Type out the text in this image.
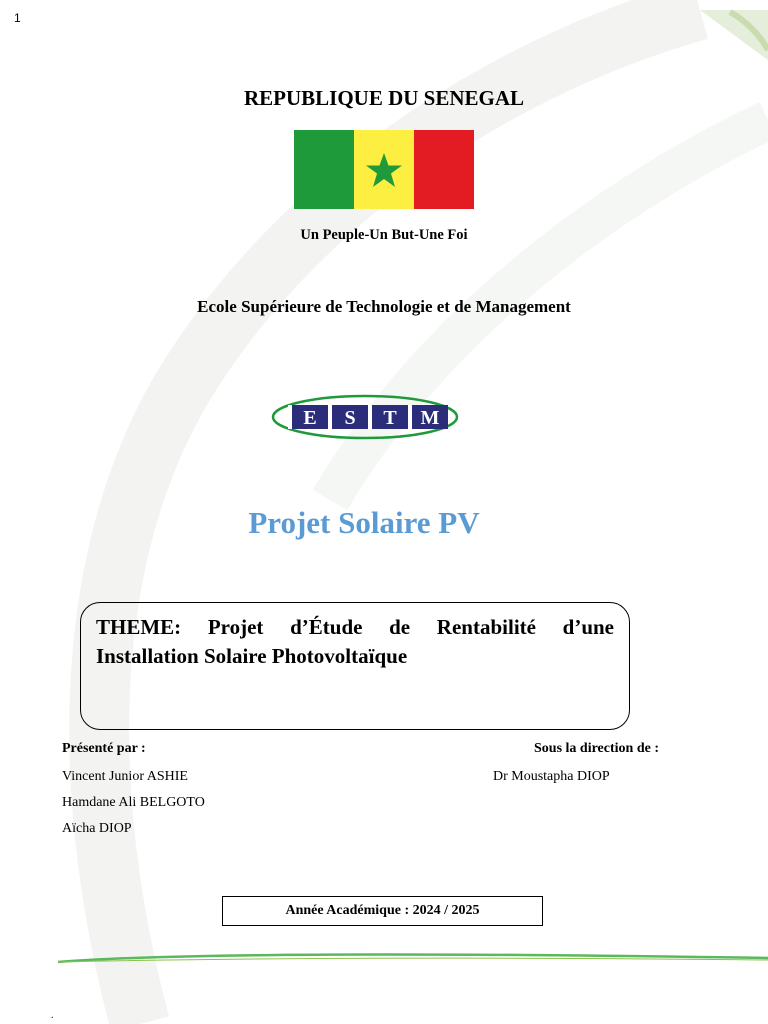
1
REPUBLIQUE DU SENEGAL
Un Peuple-Un But-Une Foi
Ecole Supérieure de Technologie et de Management
E S T M
Projet Solaire PV
THEME: Projet d’Étude de Rentabilité d’une Installation Solaire Photovoltaïque
Présenté par :	Sous la direction de :
Vincent Junior ASHIE
Hamdane Ali BELGOTO
Aïcha DIOP
Dr Moustapha DIOP
Année Académique : 2024 / 2025
.
